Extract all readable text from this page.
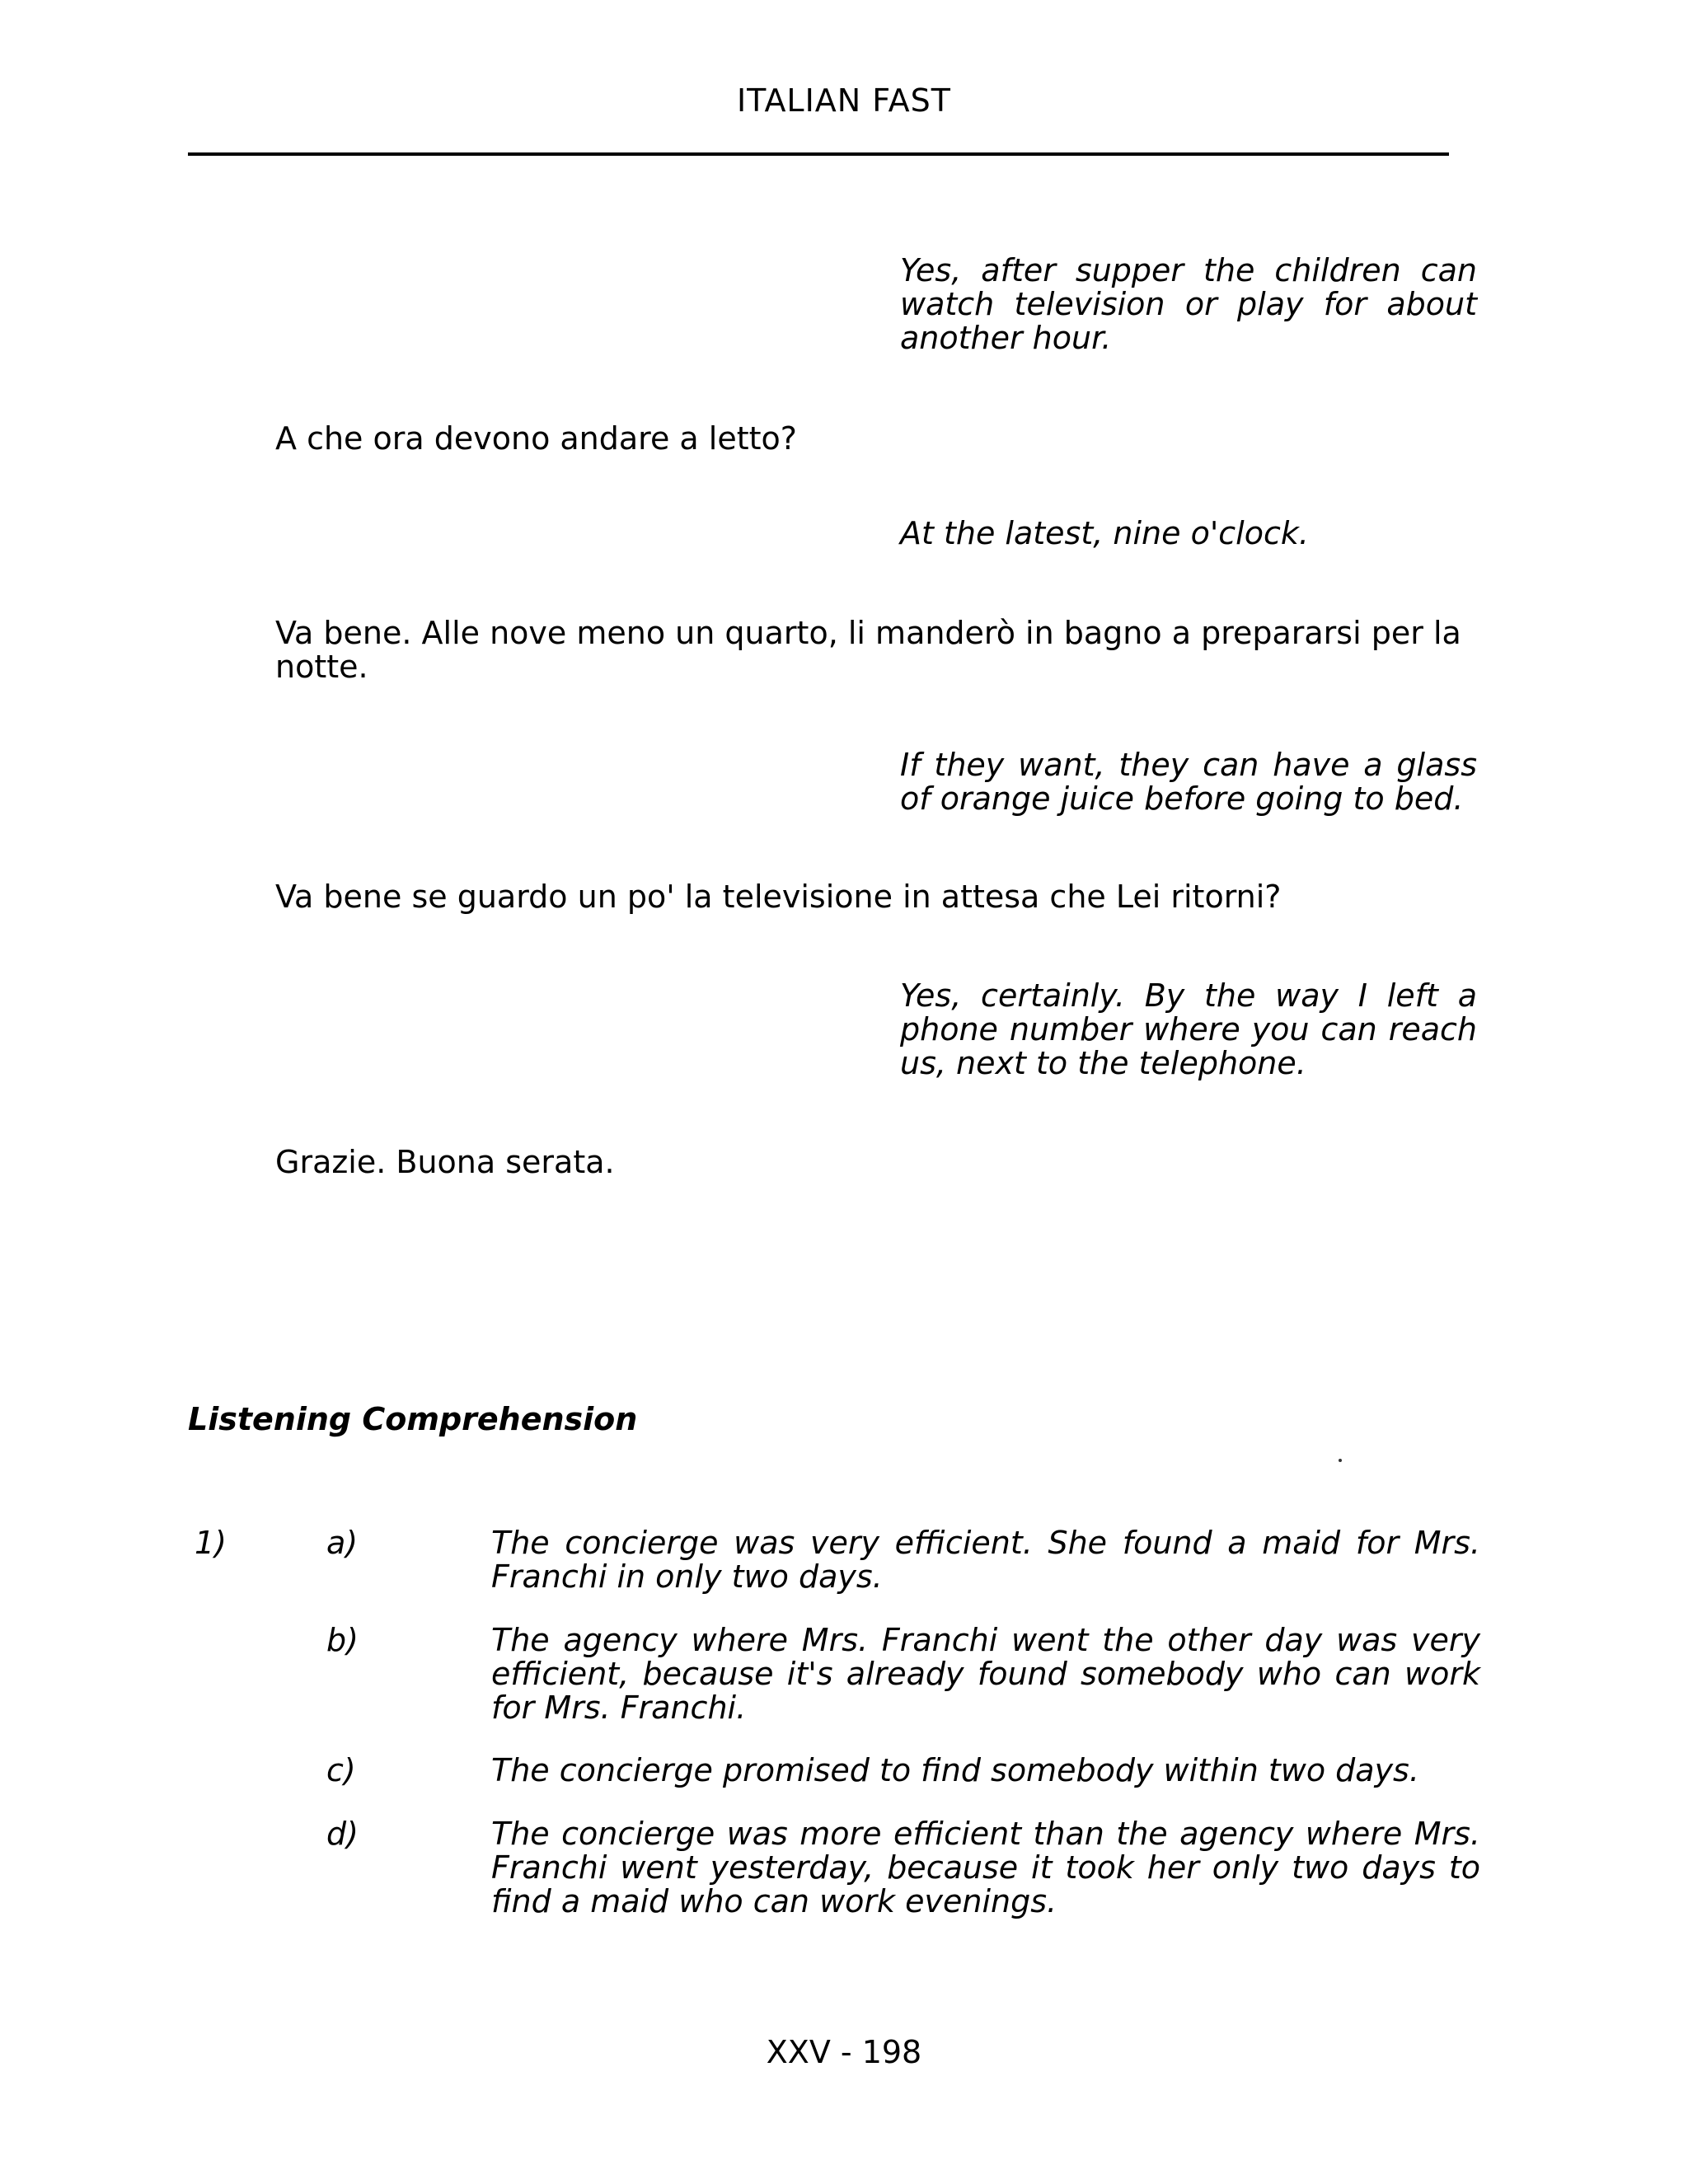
ITALIAN FAST
Yes, after supper the children can watch television or play for about another hour.
A che ora devono andare a letto?
At the latest, nine o'clock.
Va bene. Alle nove meno un quarto, li manderò in bagno a prepararsi per la notte.
If they want, they can have a glass of orange juice before going to bed.
Va bene se guardo un po' la televisione in attesa che Lei ritorni?
Yes, certainly. By the way I left a phone number where you can reach us, next to the telephone.
Grazie. Buona serata.
Listening Comprehension
1)	a)	The concierge was very efficient. She found a maid for Mrs. Franchi in only two days.
b)	The agency where Mrs. Franchi went the other day was very efficient, because it's already found somebody who can work for Mrs. Franchi.
c)	The concierge promised to find somebody within two days.
d)	The concierge was more efficient than the agency where Mrs. Franchi went yesterday, because it took her only two days to find a maid who can work evenings.
XXV - 198
